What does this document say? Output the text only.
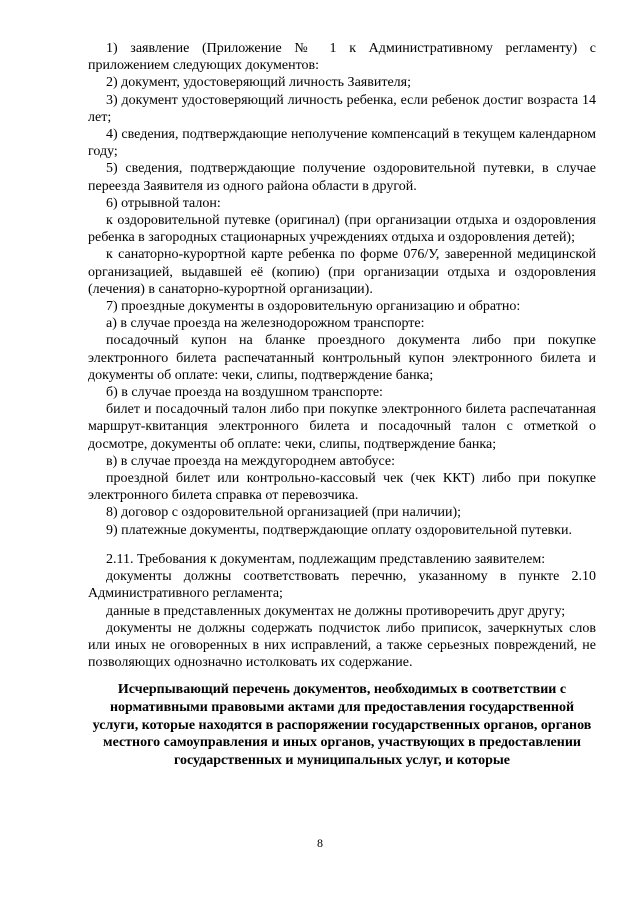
1) заявление (Приложение № 1 к Административному регламенту) с приложением следующих документов:

2) документ, удостоверяющий личность Заявителя;

3) документ удостоверяющий личность ребенка, если ребенок достиг возраста 14 лет;

4) сведения, подтверждающие неполучение компенсаций в текущем календарном году;

5) сведения, подтверждающие получение оздоровительной путевки, в случае переезда Заявителя из одного района области в другой.

6) отрывной талон:

к оздоровительной путевке (оригинал) (при организации отдыха и оздоровления ребенка в загородных стационарных учреждениях отдыха и оздоровления детей);

к санаторно-курортной карте ребенка по форме 076/У, заверенной медицинской организацией, выдавшей её (копию) (при организации отдыха и оздоровления (лечения) в санаторно-курортной организации).

7) проездные документы в оздоровительную организацию и обратно:

а) в случае проезда на железнодорожном транспорте:

посадочный купон на бланке проездного документа либо при покупке электронного билета распечатанный контрольный купон электронного билета и документы об оплате: чеки, слипы, подтверждение банка;

б) в случае проезда на воздушном транспорте:

билет и посадочный талон либо при покупке электронного билета распечатанная маршрут-квитанция электронного билета и посадочный талон с отметкой о досмотре, документы об оплате: чеки, слипы, подтверждение банка;

в) в случае проезда на междугороднем автобусе:

проездной билет или контрольно-кассовый чек (чек ККТ) либо при покупке электронного билета справка от перевозчика.

8) договор с оздоровительной организацией (при наличии);

9) платежные документы, подтверждающие оплату оздоровительной путевки.

2.11. Требования к документам, подлежащим представлению заявителем:

документы должны соответствовать перечню, указанному в пункте 2.10 Административного регламента;

данные в представленных документах не должны противоречить друг другу;

документы не должны содержать подчисток либо приписок, зачеркнутых слов или иных не оговоренных в них исправлений, а также серьезных повреждений, не позволяющих однозначно истолковать их содержание.

Исчерпывающий перечень документов, необходимых в соответствии с нормативными правовыми актами для предоставления государственной услуги, которые находятся в распоряжении государственных органов, органов местного самоуправления и иных органов, участвующих в предоставлении государственных и муниципальных услуг, и которые

8
